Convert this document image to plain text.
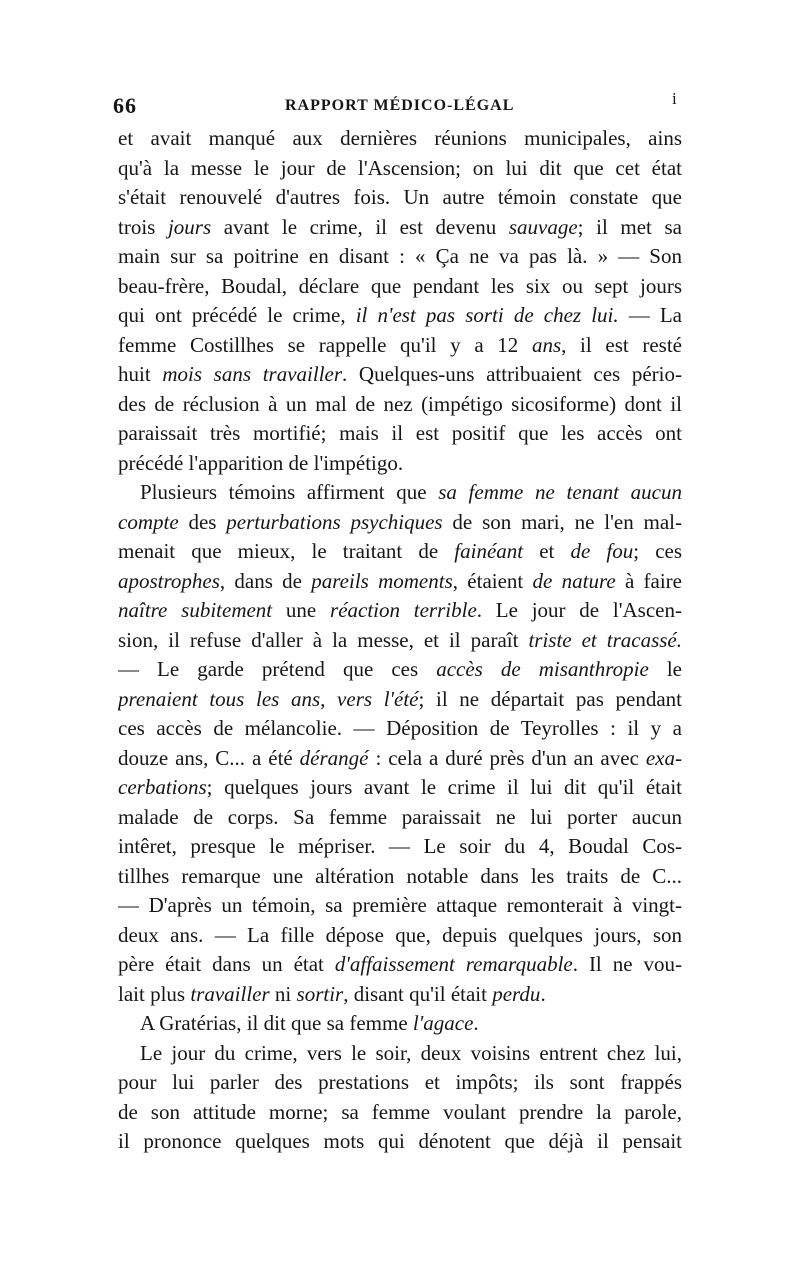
66	RAPPORT MÉDICO-LÉGAL	i
et avait manqué aux dernières réunions municipales, ains
qu'à la messe le jour de l'Ascension; on lui dit que cet état
s'était renouvelé d'autres fois. Un autre témoin constate que
trois jours avant le crime, il est devenu sauvage; il met sa
main sur sa poitrine en disant : « Ça ne va pas là. » — Son
beau-frère, Boudal, déclare que pendant les six ou sept jours
qui ont précédé le crime, il n'est pas sorti de chez lui. — La
femme Costillhes se rappelle qu'il y a 12 ans, il est resté
huit mois sans travailler. Quelques-uns attribuaient ces pério-
des de réclusion à un mal de nez (impétigo sicosiforme) dont il
paraissait très mortifié; mais il est positif que les accès ont
précédé l'apparition de l'impétigo.
Plusieurs témoins affirment que sa femme ne tenant aucun
compte des perturbations psychiques de son mari, ne l'en mal-
menait que mieux, le traitant de fainéant et de fou; ces
apostrophes, dans de pareils moments, étaient de nature à faire
naître subitement une réaction terrible. Le jour de l'Ascen-
sion, il refuse d'aller à la messe, et il paraît triste et tracassé.
— Le garde prétend que ces accès de misanthropie le
prenaient tous les ans, vers l'été; il ne départait pas pendant
ces accès de mélancolie. — Déposition de Teyrolles : il y a
douze ans, C... a été dérangé : cela a duré près d'un an avec exa-
cerbations; quelques jours avant le crime il lui dit qu'il était
malade de corps. Sa femme paraissait ne lui porter aucun
intêret, presque le mépriser. — Le soir du 4, Boudal Cos-
tillhes remarque une altération notable dans les traits de C...
— D'après un témoin, sa première attaque remonterait à vingt-
deux ans. — La fille dépose que, depuis quelques jours, son
père était dans un état d'affaissement remarquable. Il ne vou-
lait plus travailler ni sortir, disant qu'il était perdu.
A Gratérias, il dit que sa femme l'agace.
Le jour du crime, vers le soir, deux voisins entrent chez lui,
pour lui parler des prestations et impôts; ils sont frappés
de son attitude morne; sa femme voulant prendre la parole,
il prononce quelques mots qui dénotent que déjà il pensait
